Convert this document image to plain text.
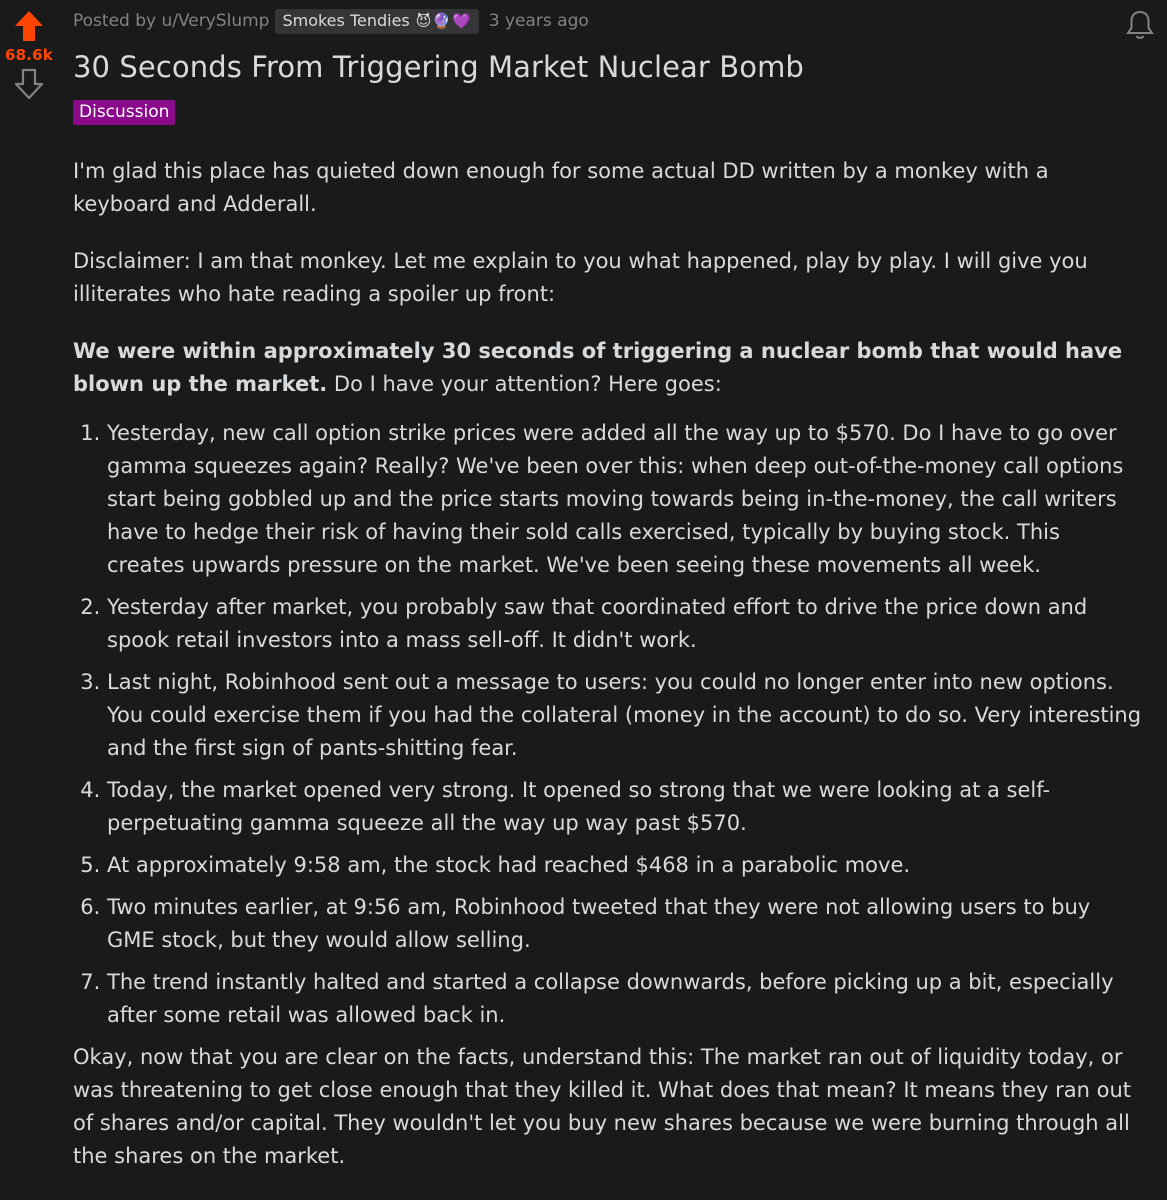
68.6k
Posted by u/VerySlump Smokes Tendies 😈🔮💜 3 years ago
30 Seconds From Triggering Market Nuclear Bomb
Discussion

I'm glad this place has quieted down enough for some actual DD written by a monkey with a keyboard and Adderall.

Disclaimer: I am that monkey. Let me explain to you what happened, play by play. I will give you illiterates who hate reading a spoiler up front:

We were within approximately 30 seconds of triggering a nuclear bomb that would have blown up the market. Do I have your attention? Here goes:

1. Yesterday, new call option strike prices were added all the way up to $570. Do I have to go over gamma squeezes again? Really? We've been over this: when deep out-of-the-money call options start being gobbled up and the price starts moving towards being in-the-money, the call writers have to hedge their risk of having their sold calls exercised, typically by buying stock. This creates upwards pressure on the market. We've been seeing these movements all week.
2. Yesterday after market, you probably saw that coordinated effort to drive the price down and spook retail investors into a mass sell-off. It didn't work.
3. Last night, Robinhood sent out a message to users: you could no longer enter into new options. You could exercise them if you had the collateral (money in the account) to do so. Very interesting and the first sign of pants-shitting fear.
4. Today, the market opened very strong. It opened so strong that we were looking at a self-perpetuating gamma squeeze all the way up way past $570.
5. At approximately 9:58 am, the stock had reached $468 in a parabolic move.
6. Two minutes earlier, at 9:56 am, Robinhood tweeted that they were not allowing users to buy GME stock, but they would allow selling.
7. The trend instantly halted and started a collapse downwards, before picking up a bit, especially after some retail was allowed back in.

Okay, now that you are clear on the facts, understand this: The market ran out of liquidity today, or was threatening to get close enough that they killed it. What does that mean? It means they ran out of shares and/or capital. They wouldn't let you buy new shares because we were burning through all the shares on the market.
